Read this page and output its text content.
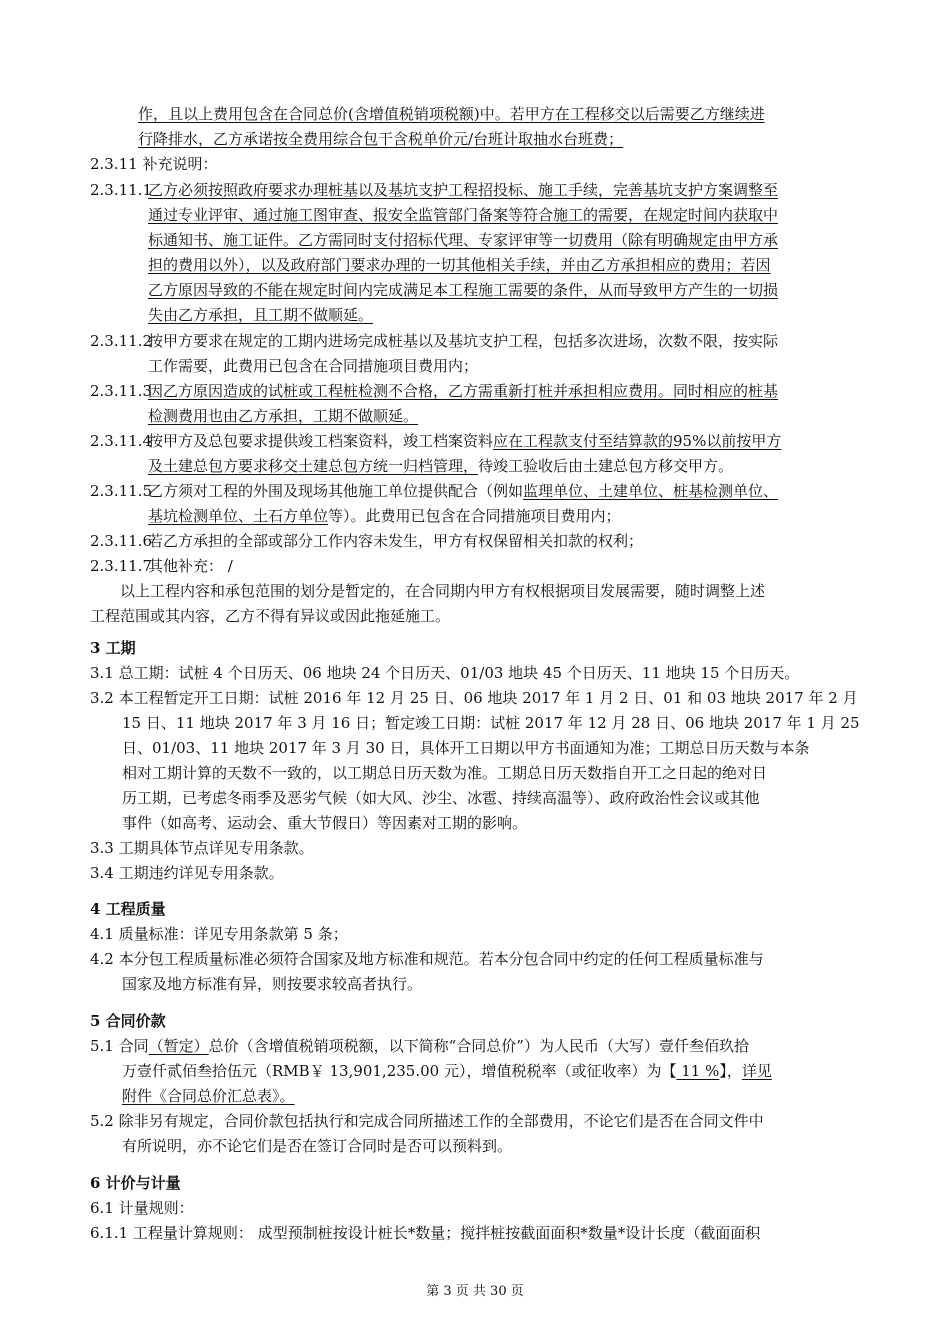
作，且以上费用包含在合同总价(含增值税销项税额)中。若甲方在工程移交以后需要乙方继续进
行降排水，乙方承诺按全费用综合包干含税单价元/台班计取抽水台班费；
2.3.11 补充说明：
2.3.11.1
乙方必须按照政府要求办理桩基以及基坑支护工程招投标、施工手续，完善基坑支护方案调整至
通过专业评审、通过施工图审查、报安全监管部门备案等符合施工的需要，在规定时间内获取中
标通知书、施工证件。乙方需同时支付招标代理、专家评审等一切费用（除有明确规定由甲方承
担的费用以外），以及政府部门要求办理的一切其他相关手续，并由乙方承担相应的费用；若因
乙方原因导致的不能在规定时间内完成满足本工程施工需要的条件，从而导致甲方产生的一切损
失由乙方承担，且工期不做顺延。
2.3.11.2
按甲方要求在规定的工期内进场完成桩基以及基坑支护工程，包括多次进场，次数不限，按实际
工作需要，此费用已包含在合同措施项目费用内；
2.3.11.3
因乙方原因造成的试桩或工程桩检测不合格，乙方需重新打桩并承担相应费用。同时相应的桩基
检测费用也由乙方承担，工期不做顺延。
2.3.11.4
按甲方及总包要求提供竣工档案资料，竣工档案资料应在工程款支付至结算款的95%以前按甲方
及土建总包方要求移交土建总包方统一归档管理，待竣工验收后由土建总包方移交甲方。
2.3.11.5
乙方须对工程的外围及现场其他施工单位提供配合（例如监理单位、土建单位、桩基检测单位、
基坑检测单位、土石方单位等）。此费用已包含在合同措施项目费用内；
2.3.11.6
若乙方承担的全部或部分工作内容未发生，甲方有权保留相关扣款的权利；
2.3.11.7
其他补充： /
以上工程内容和承包范围的划分是暂定的，在合同期内甲方有权根据项目发展需要，随时调整上述
工程范围或其内容，乙方不得有异议或因此拖延施工。
3 工期
3.1 总工期：试桩 4 个日历天、06 地块 24 个日历天、01/03 地块 45 个日历天、11 地块 15 个日历天。
3.2 本工程暂定开工日期：试桩 2016 年 12 月 25 日、06 地块 2017 年 1 月 2 日、01 和 03 地块 2017 年 2 月
15 日、11 地块 2017 年 3 月 16 日；暂定竣工日期：试桩 2017 年 12 月 28 日、06 地块 2017 年 1 月 25
日、01/03、11 地块 2017 年 3 月 30 日，具体开工日期以甲方书面通知为准；工期总日历天数与本条
相对工期计算的天数不一致的，以工期总日历天数为准。工期总日历天数指自开工之日起的绝对日
历工期，已考虑冬雨季及恶劣气候（如大风、沙尘、冰雹、持续高温等）、政府政治性会议或其他
事件（如高考、运动会、重大节假日）等因素对工期的影响。
3.3 工期具体节点详见专用条款。
3.4 工期违约详见专用条款。
4 工程质量
4.1 质量标准：详见专用条款第 5 条；
4.2 本分包工程质量标准必须符合国家及地方标准和规范。若本分包合同中约定的任何工程质量标准与
国家及地方标准有异，则按要求较高者执行。
5 合同价款
5.1 合同（暂定）总价（含增值税销项税额，以下简称“合同总价”）为人民币（大写）壹仟叁佰玖拾
万壹仟贰佰叁拾伍元（RMB￥ 13,901,235.00 元），增值税税率（或征收率）为【 11 %】，详见
附件《合同总价汇总表》。
5.2 除非另有规定，合同价款包括执行和完成合同所描述工作的全部费用，不论它们是否在合同文件中
有所说明，亦不论它们是否在签订合同时是否可以预料到。
6 计价与计量
6.1 计量规则：
6.1.1 工程量计算规则： 成型预制桩按设计桩长*数量；搅拌桩按截面面积*数量*设计长度（截面面积
第 3 页 共 30 页
